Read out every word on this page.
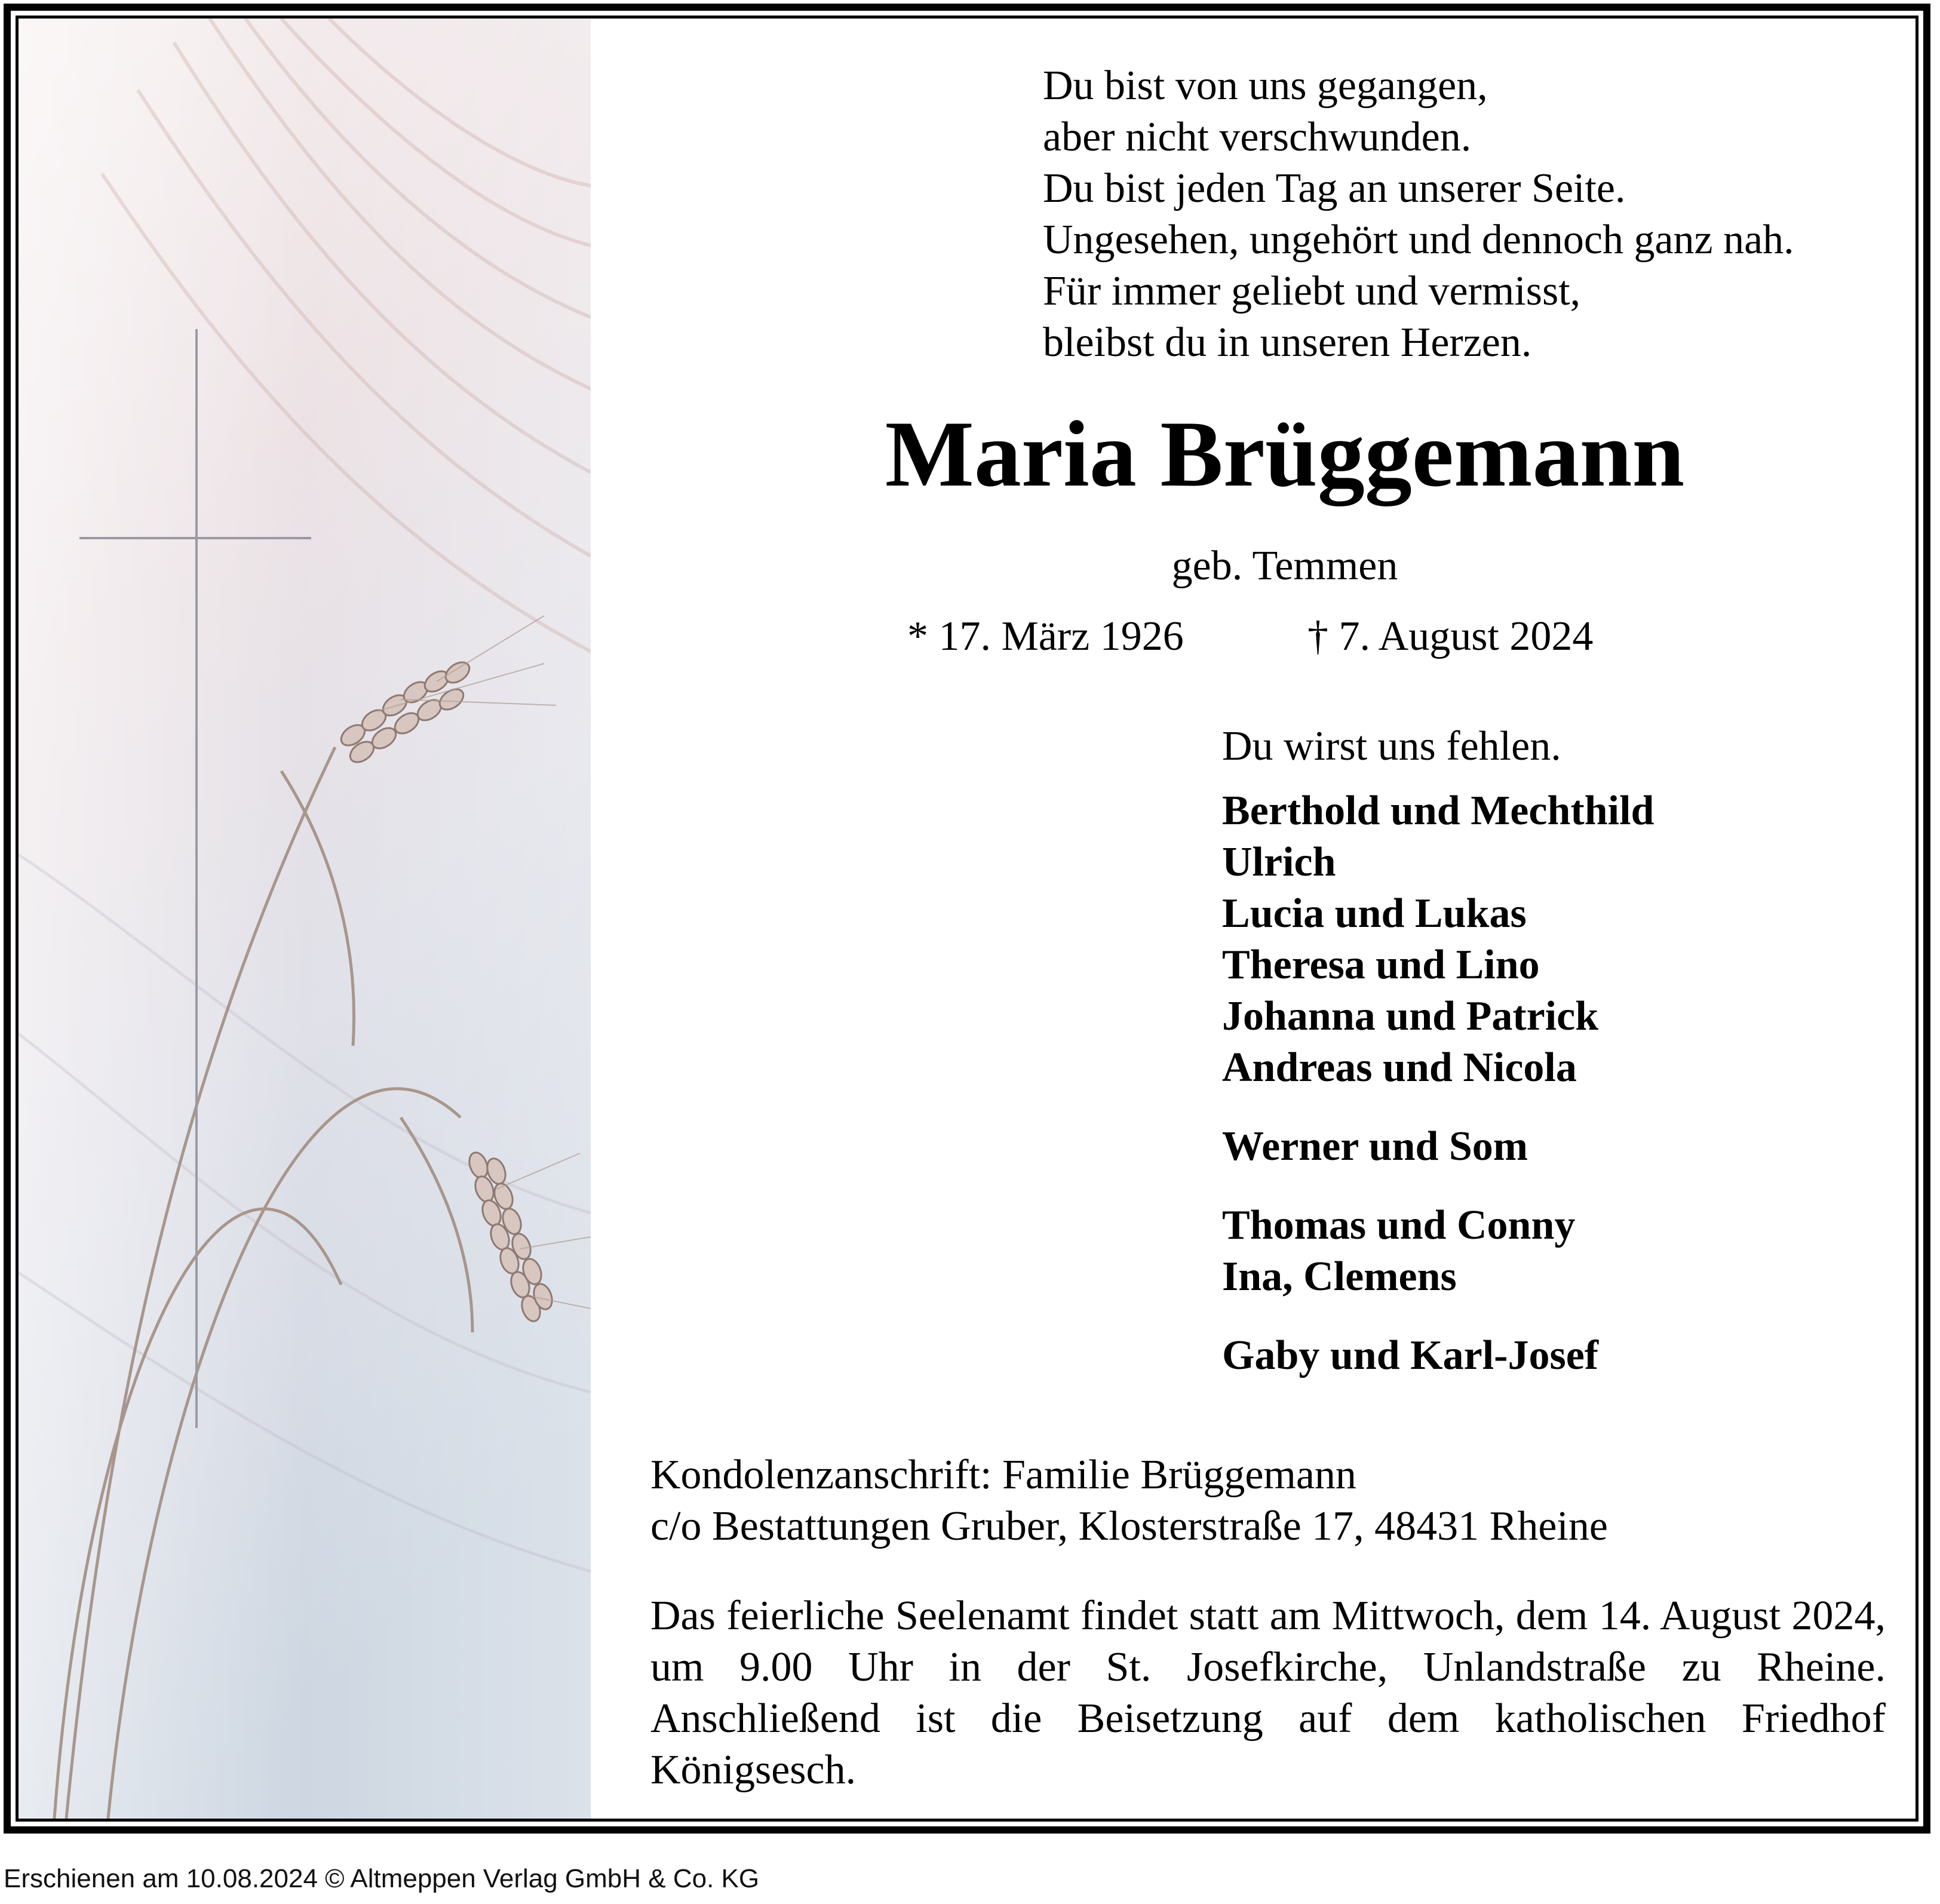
Du bist von uns gegangen,
aber nicht verschwunden.
Du bist jeden Tag an unserer Seite.
Ungesehen, ungehört und dennoch ganz nah.
Für immer geliebt und vermisst,
bleibst du in unseren Herzen.
Maria Brüggemann
geb. Temmen
* 17. März 1926	† 7. August 2024
Du wirst uns fehlen.
Berthold und Mechthild
Ulrich
Lucia und Lukas
Theresa und Lino
Johanna und Patrick
Andreas und Nicola
Werner und Som
Thomas und Conny
Ina, Clemens
Gaby und Karl-Josef
Kondolenzanschrift: Familie Brüggemann
c/o Bestattungen Gruber, Klosterstraße 17, 48431 Rheine
Das feierliche Seelenamt findet statt am Mittwoch, dem 14. August 2024, um 9.00 Uhr in der St. Josefkirche, Unlandstraße zu Rheine. Anschließend ist die Beisetzung auf dem katholischen Friedhof Königsesch.
Erschienen am 10.08.2024 © Altmeppen Verlag GmbH & Co. KG
